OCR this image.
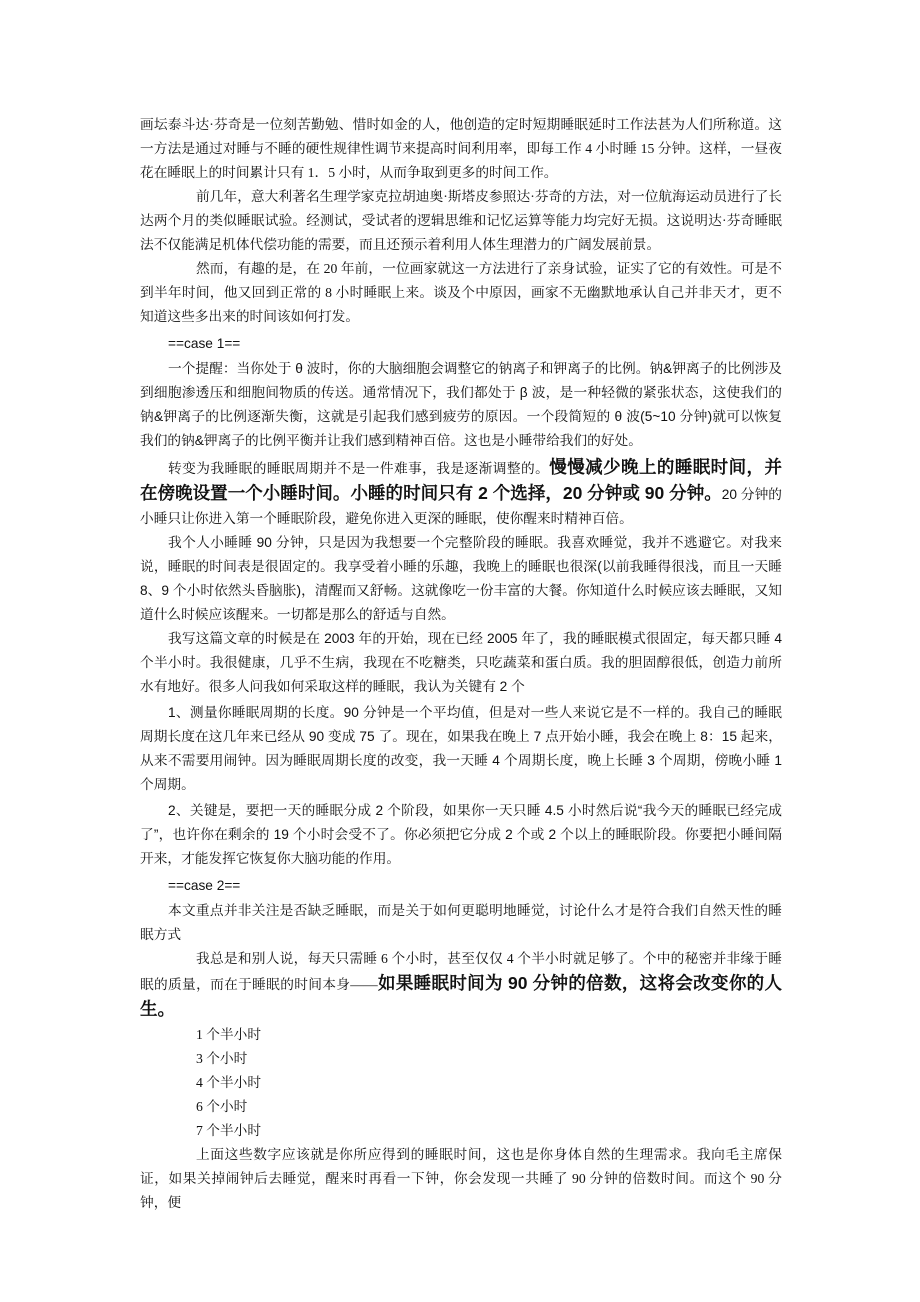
画坛泰斗达·芬奇是一位刻苦勤勉、惜时如金的人，他创造的定时短期睡眠延时工作法甚为人们所称道。这一方法是通过对睡与不睡的硬性规律性调节来提高时间利用率，即每工作 4 小时睡 15 分钟。这样，一昼夜花在睡眠上的时间累计只有 1．5 小时，从而争取到更多的时间工作。

前几年，意大利著名生理学家克拉胡迪奥·斯塔皮参照达·芬奇的方法，对一位航海运动员进行了长达两个月的类似睡眠试验。经测试，受试者的逻辑思维和记忆运算等能力均完好无损。这说明达·芬奇睡眠法不仅能满足机体代偿功能的需要，而且还预示着利用人体生理潜力的广阔发展前景。

然而，有趣的是，在 20 年前，一位画家就这一方法进行了亲身试验，证实了它的有效性。可是不到半年时间，他又回到正常的 8 小时睡眠上来。谈及个中原因，画家不无幽默地承认自己并非天才，更不知道这些多出来的时间该如何打发。

==case 1==

一个提醒：当你处于 θ 波时，你的大脑细胞会调整它的钠离子和钾离子的比例。钠&钾离子的比例涉及到细胞渗透压和细胞间物质的传送。通常情况下，我们都处于 β 波，是一种轻微的紧张状态，这使我们的钠&钾离子的比例逐渐失衡，这就是引起我们感到疲劳的原因。一个段简短的 θ 波(5~10 分钟)就可以恢复我们的钠&钾离子的比例平衡并让我们感到精神百倍。这也是小睡带给我们的好处。

转变为我睡眠的睡眠周期并不是一件难事，我是逐渐调整的。慢慢减少晚上的睡眠时间，并在傍晚设置一个小睡时间。小睡的时间只有 2 个选择，20 分钟或 90 分钟。20 分钟的小睡只让你进入第一个睡眠阶段，避免你进入更深的睡眠，使你醒来时精神百倍。

我个人小睡睡 90 分钟，只是因为我想要一个完整阶段的睡眠。我喜欢睡觉，我并不逃避它。对我来说，睡眠的时间表是很固定的。我享受着小睡的乐趣，我晚上的睡眠也很深(以前我睡得很浅，而且一天睡 8、9 个小时依然头昏脑胀)，清醒而又舒畅。这就像吃一份丰富的大餐。你知道什么时候应该去睡眠，又知道什么时候应该醒来。一切都是那么的舒适与自然。

我写这篇文章的时候是在 2003 年的开始，现在已经 2005 年了，我的睡眠模式很固定，每天都只睡 4 个半小时。我很健康，几乎不生病，我现在不吃糖类，只吃蔬菜和蛋白质。我的胆固醇很低，创造力前所水有地好。很多人问我如何采取这样的睡眠，我认为关键有 2 个

1、测量你睡眠周期的长度。90 分钟是一个平均值，但是对一些人来说它是不一样的。我自己的睡眠周期长度在这几年来已经从 90 变成 75 了。现在，如果我在晚上 7 点开始小睡，我会在晚上 8：15 起来，从来不需要用闹钟。因为睡眠周期长度的改变，我一天睡 4 个周期长度，晚上长睡 3 个周期，傍晚小睡 1 个周期。

2、关键是，要把一天的睡眠分成 2 个阶段，如果你一天只睡 4.5 小时然后说“我今天的睡眠已经完成了”，也许你在剩余的 19 个小时会受不了。你必须把它分成 2 个或 2 个以上的睡眠阶段。你要把小睡间隔开来，才能发挥它恢复你大脑功能的作用。

==case 2==

本文重点并非关注是否缺乏睡眠，而是关于如何更聪明地睡觉，讨论什么才是符合我们自然天性的睡眠方式

我总是和别人说，每天只需睡 6 个小时，甚至仅仅 4 个半小时就足够了。个中的秘密并非缘于睡眠的质量，而在于睡眠的时间本身——如果睡眠时间为 90 分钟的倍数，这将会改变你的人生。

1 个半小时

3 个小时

4 个半小时

6 个小时

7 个半小时

上面这些数字应该就是你所应得到的睡眠时间，这也是你身体自然的生理需求。我向毛主席保证，如果关掉闹钟后去睡觉，醒来时再看一下钟，你会发现一共睡了 90 分钟的倍数时间。而这个 90 分钟，便
